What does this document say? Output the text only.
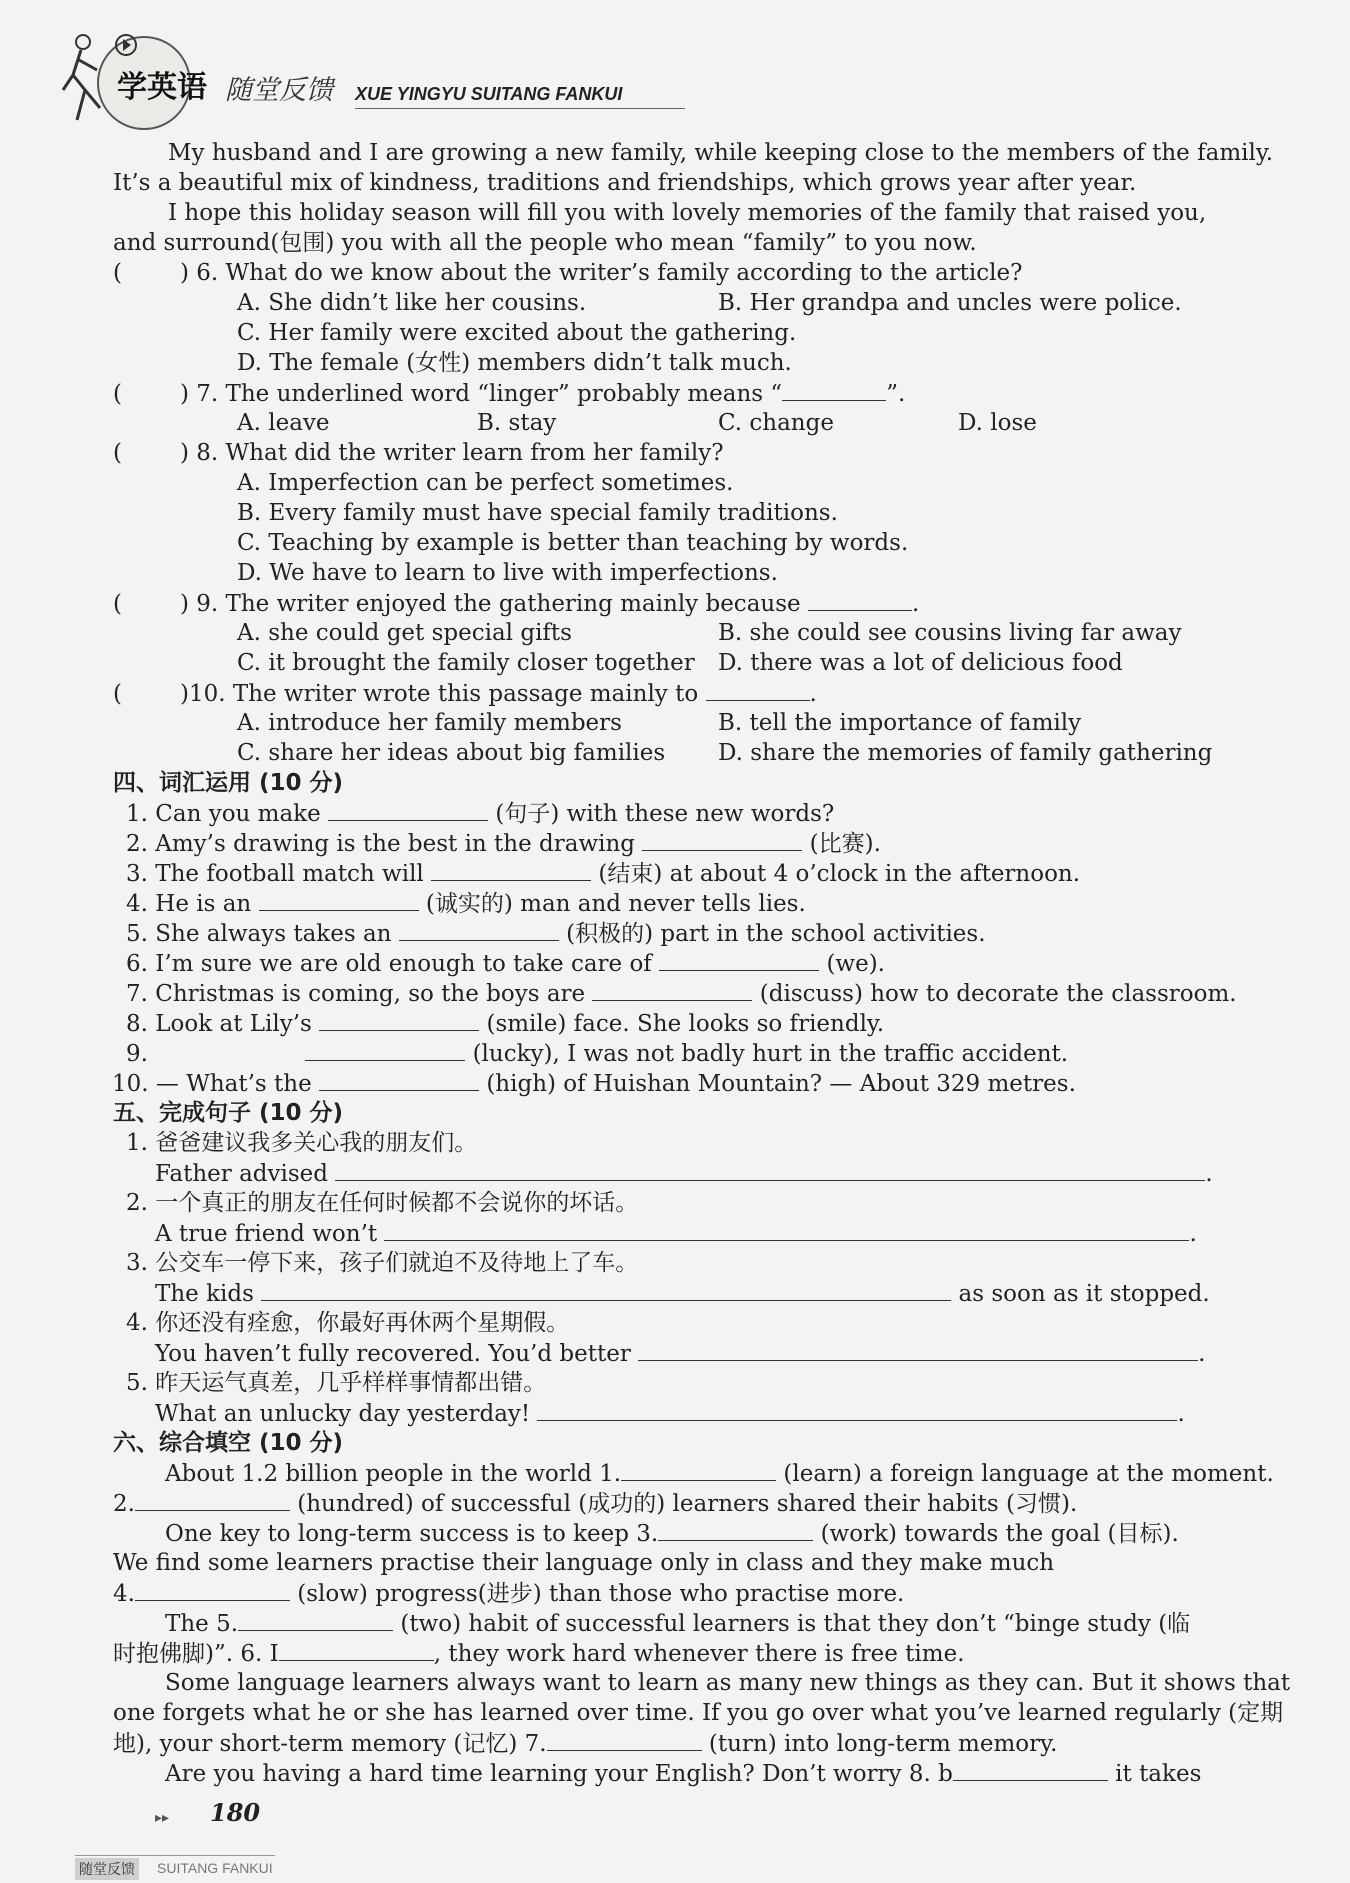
学英语 随堂反馈 XUE YINGYU SUITANG FANKUI
My husband and I are growing a new family, while keeping close to the members of the family.
It’s a beautiful mix of kindness, traditions and friendships, which grows year after year.
I hope this holiday season will fill you with lovely memories of the family that raised you,
and surround(包围) you with all the people who mean “family” to you now.
(	) 6. What do we know about the writer’s family according to the article?
A. She didn’t like her cousins.	B. Her grandpa and uncles were police.
C. Her family were excited about the gathering.
D. The female (女性) members didn’t talk much.
(	) 7. The underlined word “linger” probably means “	”.
A. leave	B. stay	C. change	D. lose
(	) 8. What did the writer learn from her family?
A. Imperfection can be perfect sometimes.
B. Every family must have special family traditions.
C. Teaching by example is better than teaching by words.
D. We have to learn to live with imperfections.
(	) 9. The writer enjoyed the gathering mainly because	.
A. she could get special gifts	B. she could see cousins living far away
C. it brought the family closer together D. there was a lot of delicious food
(	)10. The writer wrote this passage mainly to	.
A. introduce her family members	B. tell the importance of family
C. share her ideas about big families D. share the memories of family gathering
四、词汇运用 (10 分)
1. Can you make	(句子) with these new words?
2. Amy’s drawing is the best in the drawing	(比赛).
3. The football match will	(结束) at about 4 o’clock in the afternoon.
4. He is an	(诚实的) man and never tells lies.
5. She always takes an	(积极的) part in the school activities.
6. I’m sure we are old enough to take care of	(we).
7. Christmas is coming, so the boys are	(discuss) how to decorate the classroom.
8. Look at Lily’s	(smile) face. She looks so friendly.
9.	(lucky), I was not badly hurt in the traffic accident.
10. — What’s the	(high) of Huishan Mountain? — About 329 metres.
五、完成句子 (10 分)
1. 爸爸建议我多关心我的朋友们。
Father advised	.
2. 一个真正的朋友在任何时候都不会说你的坏话。
A true friend won’t	.
3. 公交车一停下来，孩子们就迫不及待地上了车。
The kids	as soon as it stopped.
4. 你还没有痊愈，你最好再休两个星期假。
You haven’t fully recovered. You’d better	.
5. 昨天运气真差，几乎样样事情都出错。
What an unlucky day yesterday!	.
六、综合填空 (10 分)
About 1.2 billion people in the world 1.	(learn) a foreign language at the moment.
2.	(hundred) of successful (成功的) learners shared their habits (习惯).
One key to long-term success is to keep 3.	(work) towards the goal (目标).
We find some learners practise their language only in class and they make much
4.	(slow) progress(进步) than those who practise more.
The 5.	(two) habit of successful learners is that they don’t “binge study (临
时抱佛脚)”. 6. I	, they work hard whenever there is free time.
Some language learners always want to learn as many new things as they can. But it shows that
one forgets what he or she has learned over time. If you go over what you’ve learned regularly (定期
地), your short-term memory (记忆) 7.	(turn) into long-term memory.
Are you having a hard time learning your English? Don’t worry 8. b	it takes
▸▸ 180
随堂反馈 SUITANG FANKUI
